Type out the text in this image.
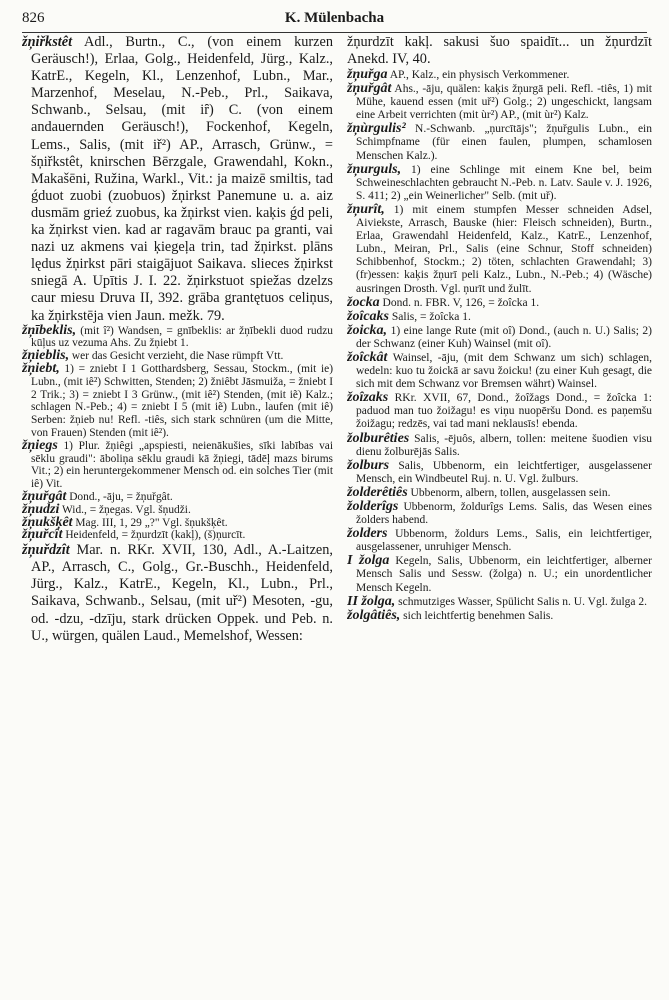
826	K. Mülenbacha

žņiřkstêt Adl., Burtn., C., (von einem kurzen Geräusch!), Erlaa, Golg., Heidenfeld, Jürg., Kalz., KatrE., Kegeln, Kl., Lenzenhof, Lubn., Mar., Marzenhof, Meselau, N.-Peb., Prl., Saikava, Schwanb., Selsau, (mit iȓ) C. (von einem andauernden Geräusch!), Fockenhof, Kegeln, Lems., Salis, (mit iř²) AP., Arrasch, Grünw., = šņiřkstêt, knirschen Bērzgale, Grawendahl, Kokn., Makašēni, Ružina, Warkl., Vit.: ja maizē smiltis, tad ǵduot zuobi (zuobuos) žņirkst Panemune u. a. aiz dusmām grieź zuobus, ka žņirkst vien. kaķis ǵd peli, ka žņirkst vien. kad ar ragavām brauc pa granti, vai nazi uz akmens vai ķiegeļa trin, tad žņirkst. plāns lędus žņirkst pāri staigājuot Saikava. slieces žņirkst sniegā A. Upītis J. I. 22. žņirkstuot spiežas dzelzs caur miesu Druva II, 392. grāba grantętuos celiņus, ka žņirkstēja vien Jaun. mežk. 79.

žņībeklis, (mit î²) Wandsen, = gnībeklis: ar žņībekli duod rudzu kūļus uz vezuma Ahs. Zu žņiebt 1.

žņieblis, wer das Gesicht verzieht, die Nase rümpft Vtt.

žņiebt, 1) = zniebt I 1 Gotthardsberg, Sessau, Stockm., (mit ie) Lubn., (mit iê²) Schwitten, Stenden; 2) žniêbt Jāsmuiža, = žniebt I 2 Trik.; 3) = zniebt I 3 Grünw., (mit iê²) Stenden, (mit iẽ) Kalz.; schlagen N.-Peb.; 4) = zniebt I 5 (mit iẽ) Lubn., laufen (mit iê) Serben: žņieb nu! Refl. -tiês, sich stark schnüren (um die Mitte, von Frauen) Stenden (mit iê²).

žņiegs 1) Plur. žņiêgi „apspiesti, neienākušies, sīki labības vai sēklu graudi": āboliņa sēklu graudi kā žņiegi, tādēļ mazs birums Vit.; 2) ein heruntergekommener Mensch od. ein solches Tier (mit iê) Vit.

žņuřgât Dond., -āju, = žņuřgât.

žņudzi Wid., = žņegas. Vgl. šņudži.

žņukšķêt Mag. III, 1, 29 „?" Vgl. šņukšķêt.

žņuřcît Heidenfeld, = žņurdzīt (kakļ), (š)ņurcīt.

žņuřdzît Mar. n. RKr. XVII, 130, Adl., A.-Laitzen, AP., Arrasch, C., Golg., Gr.-Buschh., Heidenfeld, Jürg., Kalz., KatrE., Kegeln, Kl., Lubn., Prl., Saikava, Schwanb., Selsau, (mit uř²) Mesoten, -gu, od. -dzu, -dzīju, stark drücken Oppek. und Peb. n. U., würgen, quälen Laud., Memelshof, Wessen:

žņurdzīt kakļ. sakusi šuo spaidīt... un žņurdzīt Anekd. IV, 40.

žņuřga AP., Kalz., ein physisch Verkommener.

žņuřgât Ahs., -āju, quälen: kaķis žņurgā peli. Refl. -tiês, 1) mit Mühe, kauend essen (mit uř²) Golg.; 2) ungeschickt, langsam eine Arbeit verrichten (mit ùr²) AP., (mit ùr²) Kalz.

žņùrgulis² N.-Schwanb. „ņurcītājs"; žņuřgulis Lubn., ein Schimpfname (für einen faulen, plumpen, schamlosen Menschen Kalz.).

žņurguls, 1) eine Schlinge mit einem Kne bel, beim Schweineschlachten gebraucht N.-Peb. n. Latv. Saule v. J. 1926, S. 411; 2) „ein Weinerlicher" Selb. (mit uř).

žņurît, 1) mit einem stumpfen Messer schneiden Adsel, Aiviekste, Arrasch, Bauske (hier: Fleisch schneiden), Burtn., Erlaa, Grawendahl Heidenfeld, Kalz., KatrE., Lenzenhof, Lubn., Meiran, Prl., Salis (eine Schnur, Stoff schneiden) Schibbenhof, Stockm.; 2) töten, schlachten Grawendahl; 3) (fr)essen: kaķis žņurī peli Kalz., Lubn., N.-Peb.; 4) (Wäsche) ausringen Drosth. Vgl. ņurīt und žulīt.

žocka Dond. n. FBR. V, 126, = žoîcka 1.

žoîcaks Salis, = žoîcka 1.

žoicka, 1) eine lange Rute (mit oî) Dond., (auch n. U.) Salis; 2) der Schwanz (einer Kuh) Wainsel (mit oî).

žoîckât Wainsel, -āju, (mit dem Schwanz um sich) schlagen, wedeln: kuo tu žoickā ar savu žoicku! (zu einer Kuh gesagt, die sich mit dem Schwanz vor Bremsen währt) Wainsel.

žoîzaks RKr. XVII, 67, Dond., žoîžags Dond., = žoîcka 1: paduod man tuo žoižagu! es viņu nuopēršu Dond. es paņemšu žoižagu; redzēs, vai tad mani neklausīs! ebenda.

žolburêties Salis, -ējuôs, albern, tollen: meitene šuodien visu dienu žolburējās Salis.

žolburs Salis, Ubbenorm, ein leichtfertiger, ausgelassener Mensch, ein Windbeutel Ruj. n. U. Vgl. žulburs.

žolderêtiês Ubbenorm, albern, tollen, ausgelassen sein.

žolderîgs Ubbenorm, žoldurîgs Lems. Salis, das Wesen eines žolders habend.

žolders Ubbenorm, žoldurs Lems., Salis, ein leichtfertiger, ausgelassener, unruhiger Mensch.

I žolga Kegeln, Salis, Ubbenorm, ein leichtfertiger, alberner Mensch Salis und Sessw. (žolga) n. U.; ein unordentlicher Mensch Kegeln.

II žolga, schmutziges Wasser, Spülicht Salis n. U. Vgl. žulga 2.

žolgâtiês, sich leichtfertig benehmen Salis.
